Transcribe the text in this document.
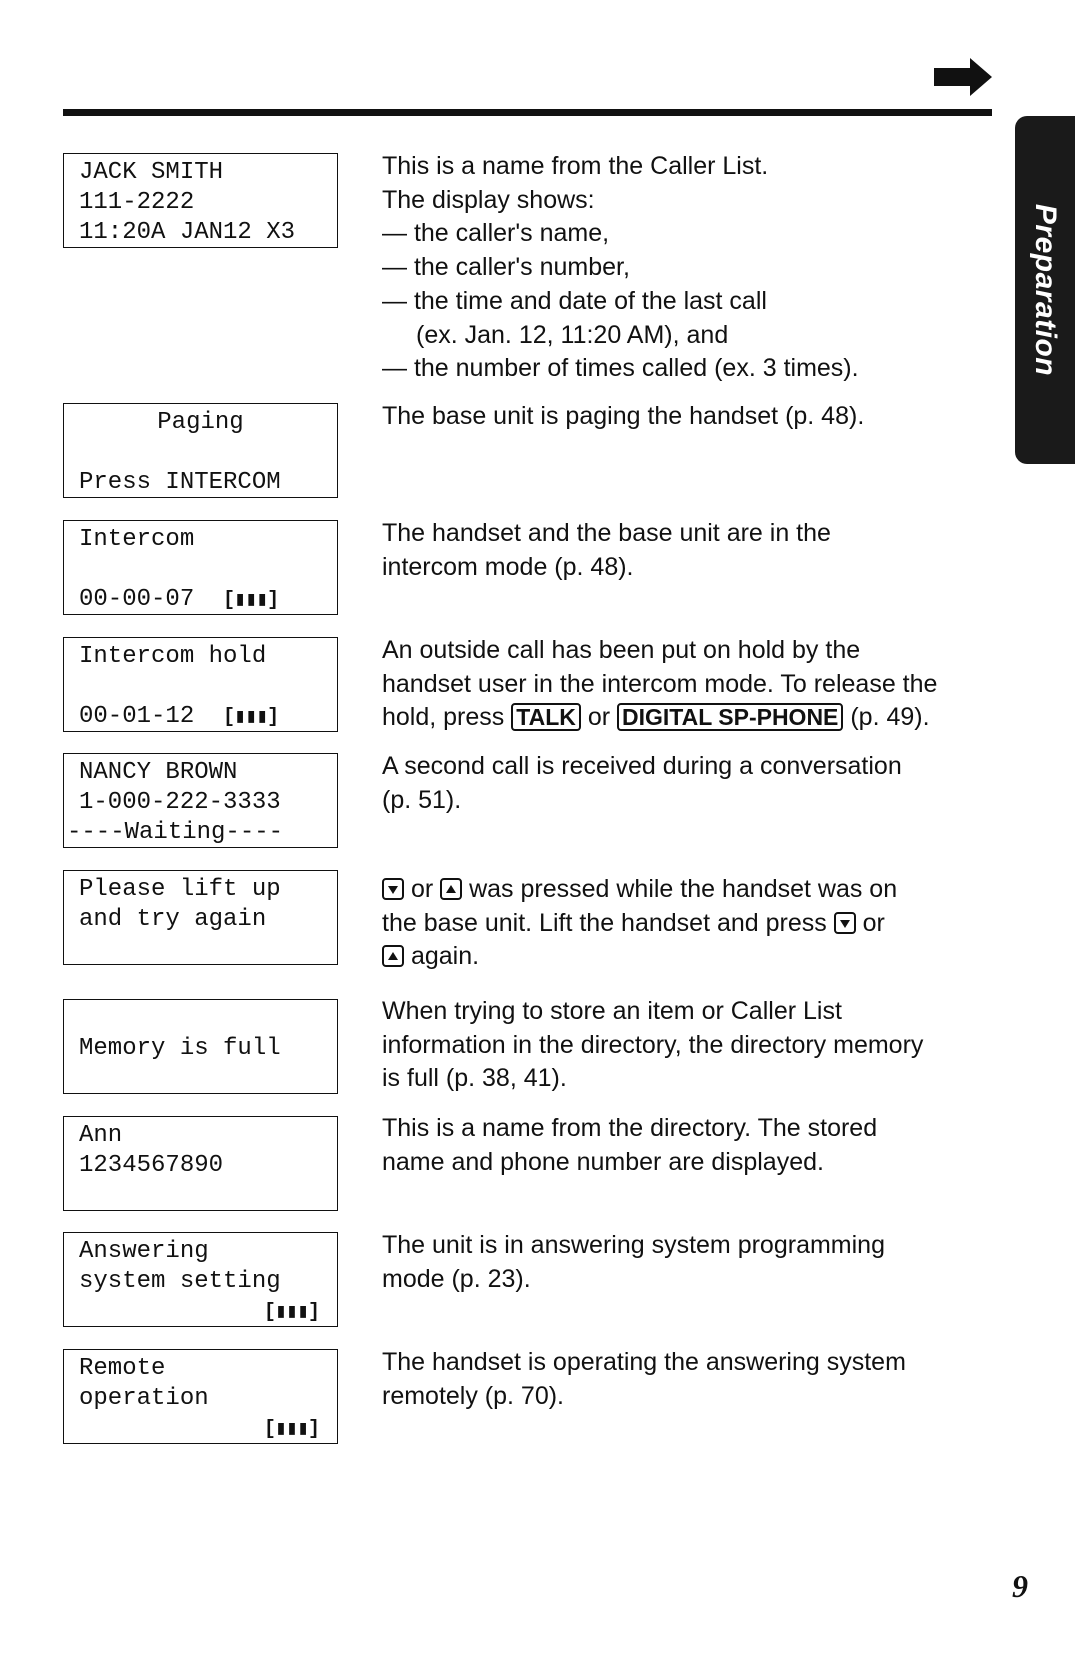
Preparation
JACK SMITH
111-2222
11:20A JAN12 X3

This is a name from the Caller List.

The display shows:

— the caller's name,

— the caller's number,

— the time and date of the last call

(ex. Jan. 12, 11:20 AM), and

— the number of times called (ex. 3 times).

Paging
Press INTERCOM

The base unit is paging the handset (p. 48).

Intercom
00-00-07 [▮▮▮]

The handset and the base unit are in the

intercom mode (p. 48).

Intercom hold
00-01-12 [▮▮▮]

An outside call has been put on hold by the

handset user in the intercom mode. To release the

hold, press TALK or DIGITAL SP-PHONE (p. 49).

NANCY BROWN
1-000-222-3333
----Waiting----

A second call is received during a conversation

(p. 51).

Please lift up
and try again

or  was pressed while the handset was on

the base unit. Lift the handset and press  or

again.

Memory is full

When trying to store an item or Caller List

information in the directory, the directory memory

is full (p. 38, 41).

Ann
1234567890

This is a name from the directory. The stored

name and phone number are displayed.

Answering
system setting
[▮▮▮]

The unit is in answering system programming

mode (p. 23).

Remote
operation
[▮▮▮]

The handset is operating the answering system

remotely (p. 70).

9
